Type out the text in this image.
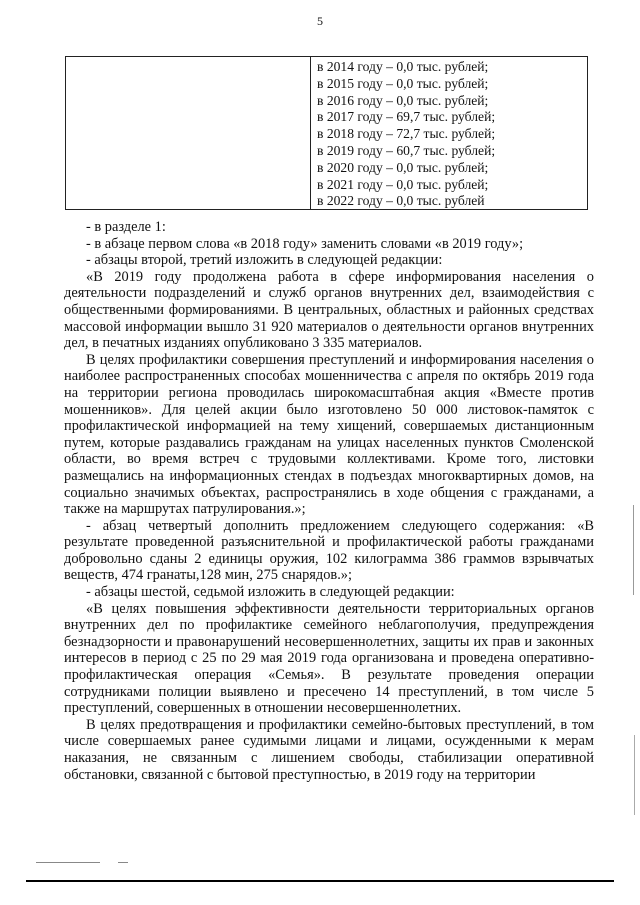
5
в 2014 году – 0,0 тыс. рублей;
в 2015 году – 0,0 тыс. рублей;
в 2016 году – 0,0 тыс. рублей;
в 2017 году – 69,7 тыс. рублей;
в 2018 году – 72,7 тыс. рублей;
в 2019 году – 60,7 тыс. рублей;
в 2020 году – 0,0 тыс. рублей;
в 2021 году – 0,0 тыс. рублей;
в 2022 году – 0,0 тыс. рублей

- в разделе 1:

- в абзаце первом слова «в 2018 году» заменить словами «в 2019 году»;

- абзацы второй, третий изложить в следующей редакции:

«В 2019 году продолжена работа в сфере информирования населения о деятельности подразделений и служб органов внутренних дел, взаимодействия с общественными формированиями. В центральных, областных и районных средствах массовой информации вышло 31 920 материалов о деятельности органов внутренних дел, в печатных изданиях опубликовано 3 335 материалов.

В целях профилактики совершения преступлений и информирования населения о наиболее распространенных способах мошенничества с апреля по октябрь 2019 года на территории региона проводилась широкомасштабная акция «Вместе против мошенников». Для целей акции было изготовлено 50 000 листовок-памяток с профилактической информацией на тему хищений, совершаемых дистанционным путем, которые раздавались гражданам на улицах населенных пунктов Смоленской области, во время встреч с трудовыми коллективами. Кроме того, листовки размещались на информационных стендах в подъездах многоквартирных домов, на социально значимых объектах, распространялись в ходе общения с гражданами, а также на маршрутах патрулирования.»;

- абзац четвертый дополнить предложением следующего содержания: «В результате проведенной разъяснительной и профилактической работы гражданами добровольно сданы 2 единицы оружия, 102 килограмма 386 граммов взрывчатых веществ, 474 гранаты,128 мин, 275 снарядов.»;

- абзацы шестой, седьмой изложить в следующей редакции:

«В целях повышения эффективности деятельности территориальных органов внутренних дел по профилактике семейного неблагополучия, предупреждения безнадзорности и правонарушений несовершеннолетних, защиты их прав и законных интересов в период с 25 по 29 мая 2019 года организована и проведена оперативно-профилактическая операция «Семья». В результате проведения операции сотрудниками полиции выявлено и пресечено 14 преступлений, в том числе 5 преступлений, совершенных в отношении несовершеннолетних.

В целях предотвращения и профилактики семейно-бытовых преступлений, в том числе совершаемых ранее судимыми лицами и лицами, осужденными к мерам наказания, не связанным с лишением свободы, стабилизации оперативной обстановки, связанной с бытовой преступностью, в 2019 году на территории
